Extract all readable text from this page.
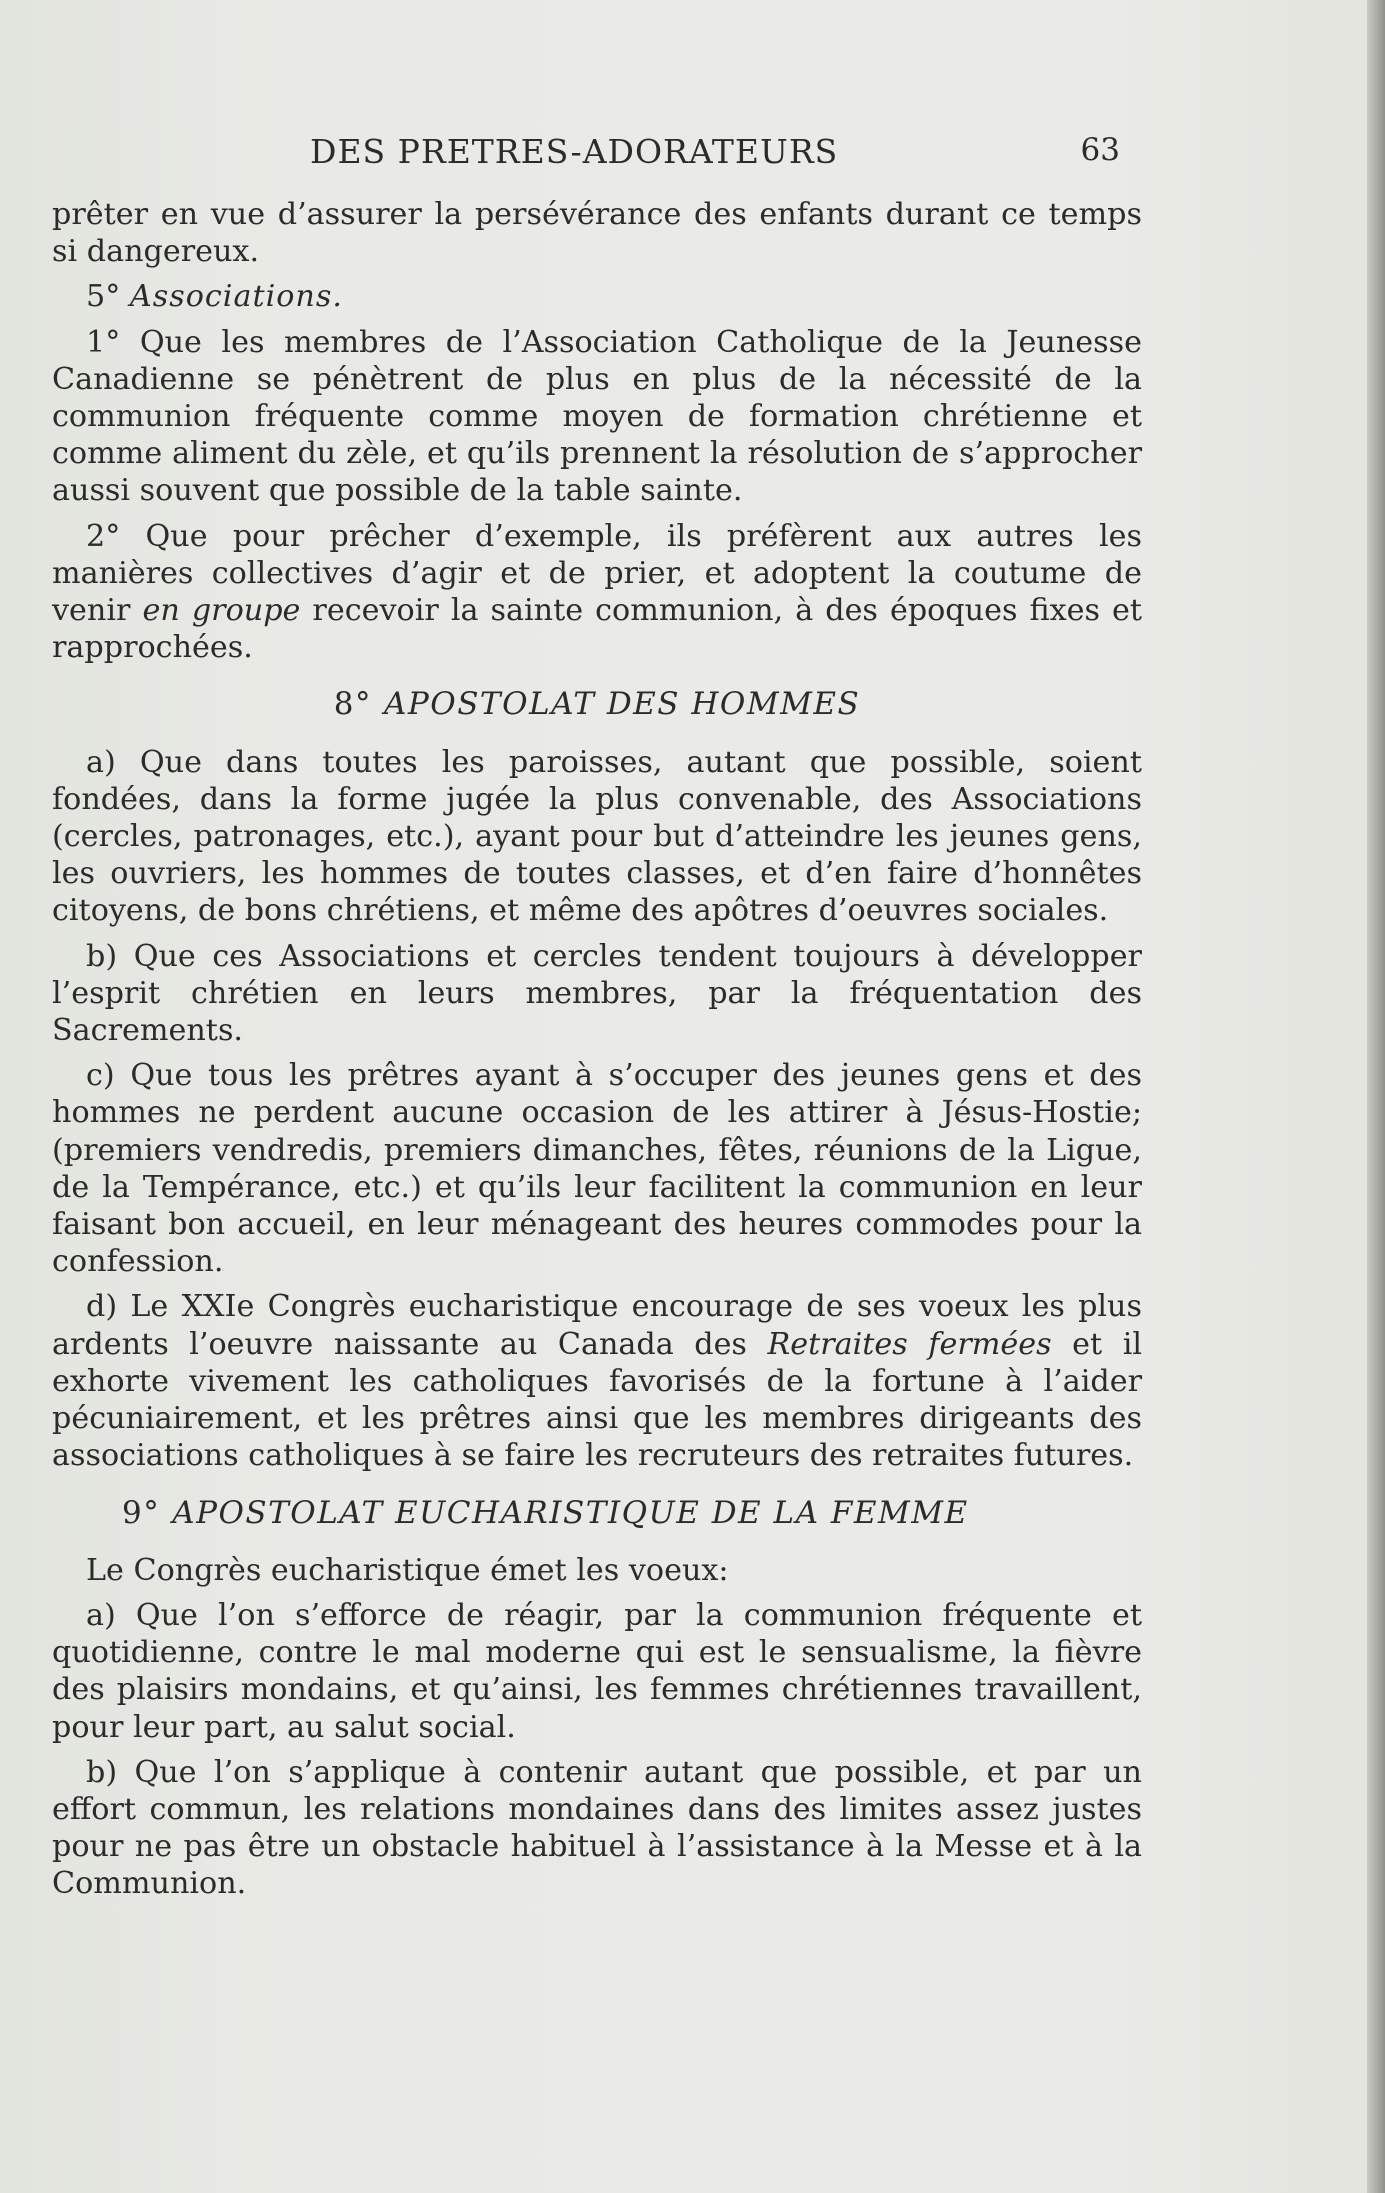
DES PRETRES-ADORATEURS	63

prêter en vue d’assurer la persévérance des enfants durant ce temps si dangereux.

5° Associations.

1° Que les membres de l’Association Catholique de la Jeunesse Canadienne se pénètrent de plus en plus de la nécessité de la communion fréquente comme moyen de formation chrétienne et comme aliment du zèle, et qu’ils prennent la résolution de s’approcher aussi souvent que possible de la table sainte.

2° Que pour prêcher d’exemple, ils préfèrent aux autres les manières collectives d’agir et de prier, et adoptent la coutume de venir en groupe recevoir la sainte communion, à des époques fixes et rapprochées.

8° APOSTOLAT DES HOMMES

a) Que dans toutes les paroisses, autant que possible, soient fondées, dans la forme jugée la plus convenable, des Associations (cercles, patronages, etc.), ayant pour but d’atteindre les jeunes gens, les ouvriers, les hommes de toutes classes, et d’en faire d’honnêtes citoyens, de bons chrétiens, et même des apôtres d’oeuvres sociales.

b) Que ces Associations et cercles tendent toujours à développer l’esprit chrétien en leurs membres, par la fréquentation des Sacrements.

c) Que tous les prêtres ayant à s’occuper des jeunes gens et des hommes ne perdent aucune occasion de les attirer à Jésus-Hostie; (premiers vendredis, premiers dimanches, fêtes, réunions de la Ligue, de la Tempérance, etc.) et qu’ils leur facilitent la communion en leur faisant bon accueil, en leur ménageant des heures commodes pour la confession.

d) Le XXIe Congrès eucharistique encourage de ses voeux les plus ardents l’oeuvre naissante au Canada des Retraites fermées et il exhorte vivement les catholiques favorisés de la fortune à l’aider pécuniairement, et les prêtres ainsi que les membres dirigeants des associations catholiques à se faire les recruteurs des retraites futures.

9° APOSTOLAT EUCHARISTIQUE DE LA FEMME

Le Congrès eucharistique émet les voeux:

a) Que l’on s’efforce de réagir, par la communion fréquente et quotidienne, contre le mal moderne qui est le sensualisme, la fièvre des plaisirs mondains, et qu’ainsi, les femmes chrétiennes travaillent, pour leur part, au salut social.

b) Que l’on s’applique à contenir autant que possible, et par un effort commun, les relations mondaines dans des limites assez justes pour ne pas être un obstacle habituel à l’assistance à la Messe et à la Communion.
